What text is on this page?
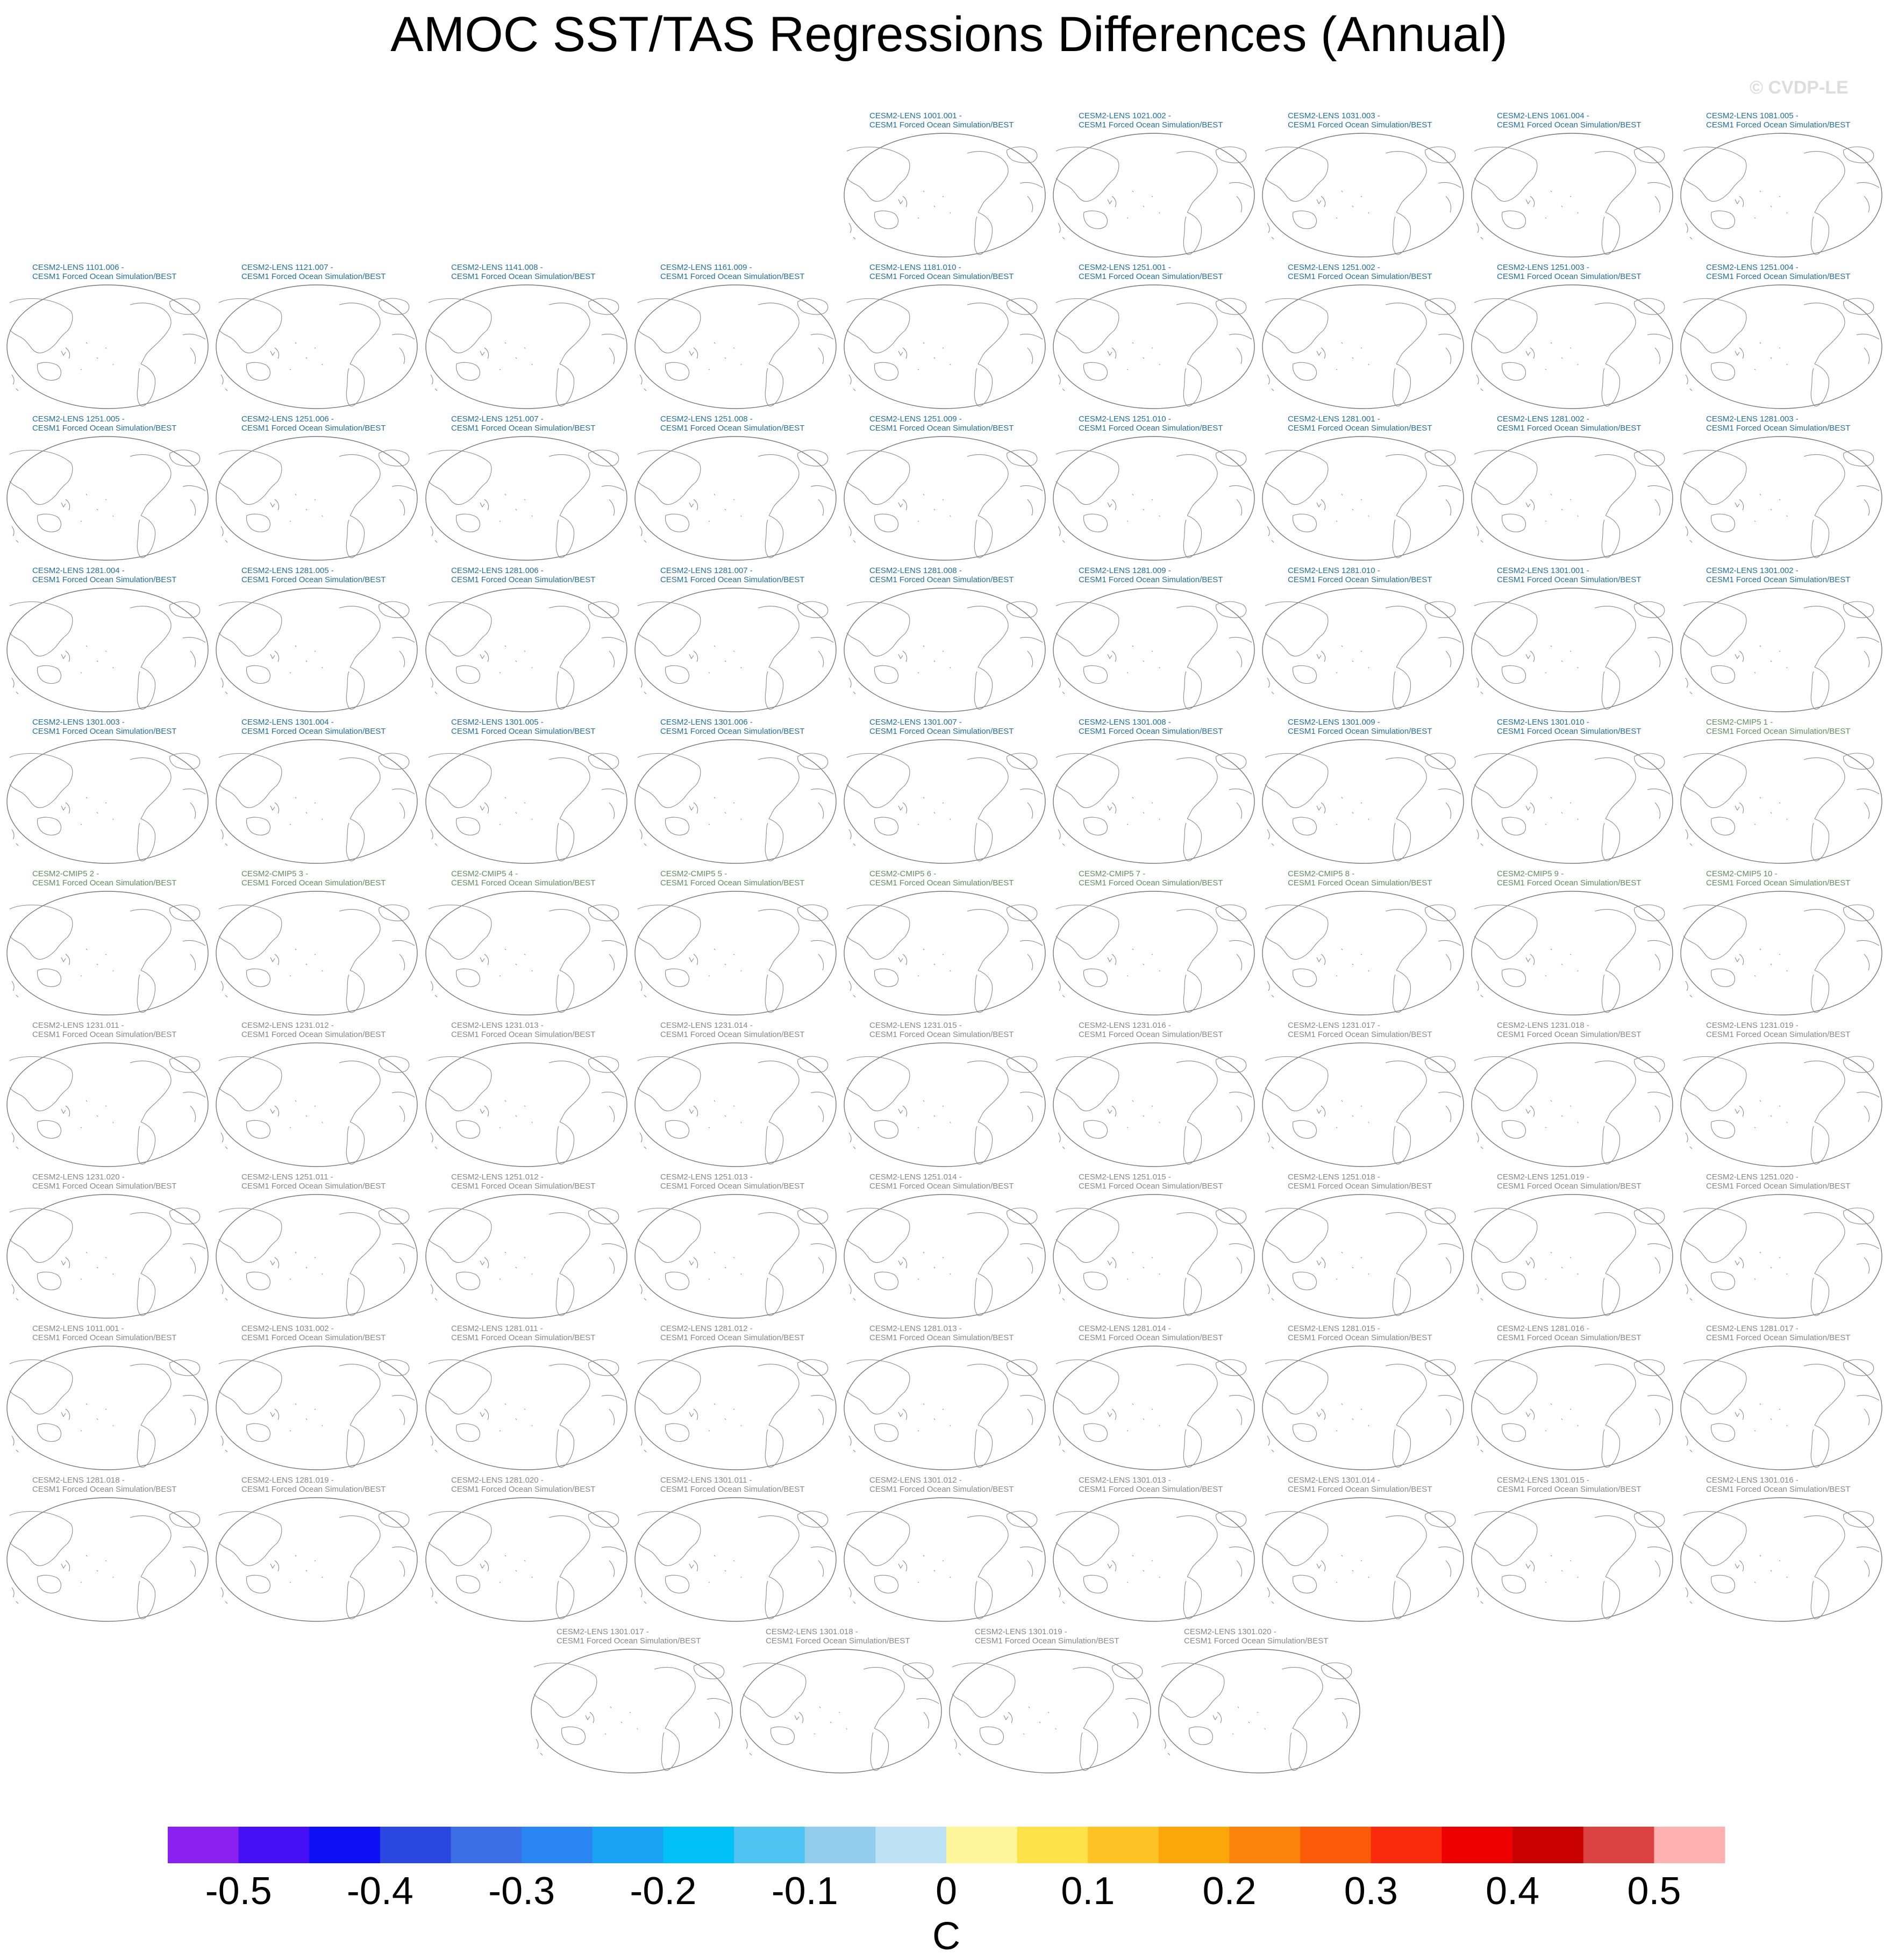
AMOC SST/TAS Regressions Differences (Annual)
© CVDP-LE
CESM2-LENS 1001.001 -
CESM1 Forced Ocean Simulation/BEST
CESM2-LENS 1021.002 -
CESM1 Forced Ocean Simulation/BEST
CESM2-LENS 1031.003 -
CESM1 Forced Ocean Simulation/BEST
CESM2-LENS 1061.004 -
CESM1 Forced Ocean Simulation/BEST
CESM2-LENS 1081.005 -
CESM1 Forced Ocean Simulation/BEST
CESM2-LENS 1101.006 -
CESM1 Forced Ocean Simulation/BEST
CESM2-LENS 1121.007 -
CESM1 Forced Ocean Simulation/BEST
CESM2-LENS 1141.008 -
CESM1 Forced Ocean Simulation/BEST
CESM2-LENS 1161.009 -
CESM1 Forced Ocean Simulation/BEST
CESM2-LENS 1181.010 -
CESM1 Forced Ocean Simulation/BEST
CESM2-LENS 1251.001 -
CESM1 Forced Ocean Simulation/BEST
CESM2-LENS 1251.002 -
CESM1 Forced Ocean Simulation/BEST
CESM2-LENS 1251.003 -
CESM1 Forced Ocean Simulation/BEST
CESM2-LENS 1251.004 -
CESM1 Forced Ocean Simulation/BEST
CESM2-LENS 1251.005 -
CESM1 Forced Ocean Simulation/BEST
CESM2-LENS 1251.006 -
CESM1 Forced Ocean Simulation/BEST
CESM2-LENS 1251.007 -
CESM1 Forced Ocean Simulation/BEST
CESM2-LENS 1251.008 -
CESM1 Forced Ocean Simulation/BEST
CESM2-LENS 1251.009 -
CESM1 Forced Ocean Simulation/BEST
CESM2-LENS 1251.010 -
CESM1 Forced Ocean Simulation/BEST
CESM2-LENS 1281.001 -
CESM1 Forced Ocean Simulation/BEST
CESM2-LENS 1281.002 -
CESM1 Forced Ocean Simulation/BEST
CESM2-LENS 1281.003 -
CESM1 Forced Ocean Simulation/BEST
CESM2-LENS 1281.004 -
CESM1 Forced Ocean Simulation/BEST
CESM2-LENS 1281.005 -
CESM1 Forced Ocean Simulation/BEST
CESM2-LENS 1281.006 -
CESM1 Forced Ocean Simulation/BEST
CESM2-LENS 1281.007 -
CESM1 Forced Ocean Simulation/BEST
CESM2-LENS 1281.008 -
CESM1 Forced Ocean Simulation/BEST
CESM2-LENS 1281.009 -
CESM1 Forced Ocean Simulation/BEST
CESM2-LENS 1281.010 -
CESM1 Forced Ocean Simulation/BEST
CESM2-LENS 1301.001 -
CESM1 Forced Ocean Simulation/BEST
CESM2-LENS 1301.002 -
CESM1 Forced Ocean Simulation/BEST
CESM2-LENS 1301.003 -
CESM1 Forced Ocean Simulation/BEST
CESM2-LENS 1301.004 -
CESM1 Forced Ocean Simulation/BEST
CESM2-LENS 1301.005 -
CESM1 Forced Ocean Simulation/BEST
CESM2-LENS 1301.006 -
CESM1 Forced Ocean Simulation/BEST
CESM2-LENS 1301.007 -
CESM1 Forced Ocean Simulation/BEST
CESM2-LENS 1301.008 -
CESM1 Forced Ocean Simulation/BEST
CESM2-LENS 1301.009 -
CESM1 Forced Ocean Simulation/BEST
CESM2-LENS 1301.010 -
CESM1 Forced Ocean Simulation/BEST
CESM2-CMIP5 1 -
CESM1 Forced Ocean Simulation/BEST
CESM2-CMIP5 2 -
CESM1 Forced Ocean Simulation/BEST
CESM2-CMIP5 3 -
CESM1 Forced Ocean Simulation/BEST
CESM2-CMIP5 4 -
CESM1 Forced Ocean Simulation/BEST
CESM2-CMIP5 5 -
CESM1 Forced Ocean Simulation/BEST
CESM2-CMIP5 6 -
CESM1 Forced Ocean Simulation/BEST
CESM2-CMIP5 7 -
CESM1 Forced Ocean Simulation/BEST
CESM2-CMIP5 8 -
CESM1 Forced Ocean Simulation/BEST
CESM2-CMIP5 9 -
CESM1 Forced Ocean Simulation/BEST
CESM2-CMIP5 10 -
CESM1 Forced Ocean Simulation/BEST
CESM2-LENS 1231.011 -
CESM1 Forced Ocean Simulation/BEST
CESM2-LENS 1231.012 -
CESM1 Forced Ocean Simulation/BEST
CESM2-LENS 1231.013 -
CESM1 Forced Ocean Simulation/BEST
CESM2-LENS 1231.014 -
CESM1 Forced Ocean Simulation/BEST
CESM2-LENS 1231.015 -
CESM1 Forced Ocean Simulation/BEST
CESM2-LENS 1231.016 -
CESM1 Forced Ocean Simulation/BEST
CESM2-LENS 1231.017 -
CESM1 Forced Ocean Simulation/BEST
CESM2-LENS 1231.018 -
CESM1 Forced Ocean Simulation/BEST
CESM2-LENS 1231.019 -
CESM1 Forced Ocean Simulation/BEST
CESM2-LENS 1231.020 -
CESM1 Forced Ocean Simulation/BEST
CESM2-LENS 1251.011 -
CESM1 Forced Ocean Simulation/BEST
CESM2-LENS 1251.012 -
CESM1 Forced Ocean Simulation/BEST
CESM2-LENS 1251.013 -
CESM1 Forced Ocean Simulation/BEST
CESM2-LENS 1251.014 -
CESM1 Forced Ocean Simulation/BEST
CESM2-LENS 1251.015 -
CESM1 Forced Ocean Simulation/BEST
CESM2-LENS 1251.018 -
CESM1 Forced Ocean Simulation/BEST
CESM2-LENS 1251.019 -
CESM1 Forced Ocean Simulation/BEST
CESM2-LENS 1251.020 -
CESM1 Forced Ocean Simulation/BEST
CESM2-LENS 1011.001 -
CESM1 Forced Ocean Simulation/BEST
CESM2-LENS 1031.002 -
CESM1 Forced Ocean Simulation/BEST
CESM2-LENS 1281.011 -
CESM1 Forced Ocean Simulation/BEST
CESM2-LENS 1281.012 -
CESM1 Forced Ocean Simulation/BEST
CESM2-LENS 1281.013 -
CESM1 Forced Ocean Simulation/BEST
CESM2-LENS 1281.014 -
CESM1 Forced Ocean Simulation/BEST
CESM2-LENS 1281.015 -
CESM1 Forced Ocean Simulation/BEST
CESM2-LENS 1281.016 -
CESM1 Forced Ocean Simulation/BEST
CESM2-LENS 1281.017 -
CESM1 Forced Ocean Simulation/BEST
CESM2-LENS 1281.018 -
CESM1 Forced Ocean Simulation/BEST
CESM2-LENS 1281.019 -
CESM1 Forced Ocean Simulation/BEST
CESM2-LENS 1281.020 -
CESM1 Forced Ocean Simulation/BEST
CESM2-LENS 1301.011 -
CESM1 Forced Ocean Simulation/BEST
CESM2-LENS 1301.012 -
CESM1 Forced Ocean Simulation/BEST
CESM2-LENS 1301.013 -
CESM1 Forced Ocean Simulation/BEST
CESM2-LENS 1301.014 -
CESM1 Forced Ocean Simulation/BEST
CESM2-LENS 1301.015 -
CESM1 Forced Ocean Simulation/BEST
CESM2-LENS 1301.016 -
CESM1 Forced Ocean Simulation/BEST
CESM2-LENS 1301.017 -
CESM1 Forced Ocean Simulation/BEST
CESM2-LENS 1301.018 -
CESM1 Forced Ocean Simulation/BEST
CESM2-LENS 1301.019 -
CESM1 Forced Ocean Simulation/BEST
CESM2-LENS 1301.020 -
CESM1 Forced Ocean Simulation/BEST
-0.5 -0.4 -0.3 -0.2 -0.1	0	0.1 0.2 0.3 0.4 0.5
C
